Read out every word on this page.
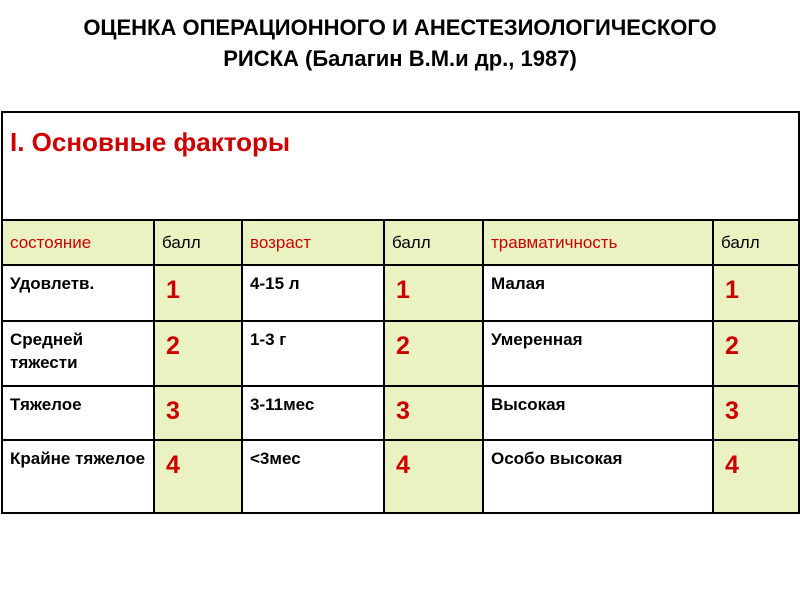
ОЦЕНКА ОПЕРАЦИОННОГО И АНЕСТЕЗИОЛОГИЧЕСКОГО
РИСКА (Балагин В.М.и др., 1987)
I. Основные факторы					

состояние	балл	возраст	балл	травматичность	балл

Удовлетв.	1	4-15 л	1	Малая	1

Средней тяжести	2	1-3 г	2	Умеренная	2

Тяжелое	3	3-11мес	3	Высокая	3

Крайне тяжелое	4	<3мес	4	Особо высокая	4
